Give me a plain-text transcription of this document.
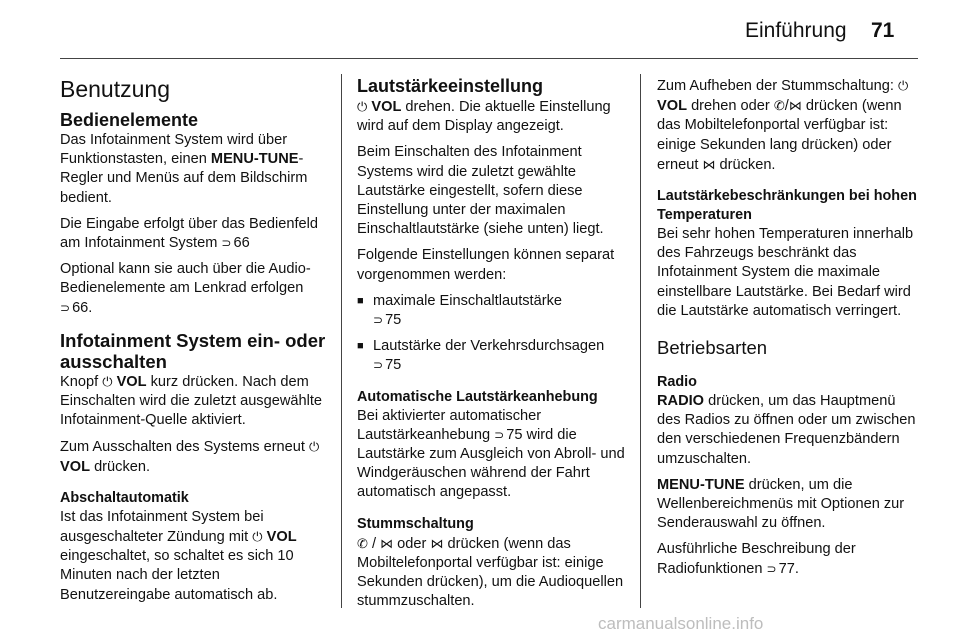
Einführung 71
Benutzung
Bedienelemente

Das Infotainment System wird über Funktionstasten, einen MENU-TUNE-Regler und Menüs auf dem Bildschirm bedient.

Die Eingabe erfolgt über das Bedienfeld am Infotainment System ⊃ 66

Optional kann sie auch über die Audio-Bedienelemente am Lenkrad erfolgen ⊃ 66.

Infotainment System ein- oder ausschalten

Knopf ⏻ VOL kurz drücken. Nach dem Einschalten wird die zuletzt ausgewählte Infotainment-Quelle aktiviert.

Zum Ausschalten des Systems erneut ⏻ VOL drücken.

Abschaltautomatik

Ist das Infotainment System bei ausgeschalteter Zündung mit ⏻ VOL eingeschaltet, so schaltet es sich 10 Minuten nach der letzten Benutzereingabe automatisch ab.

Lautstärkeeinstellung

⏻ VOL drehen. Die aktuelle Einstellung wird auf dem Display angezeigt.

Beim Einschalten des Infotainment Systems wird die zuletzt gewählte Lautstärke eingestellt, sofern diese Einstellung unter der maximalen Einschaltlautstärke (siehe unten) liegt.

Folgende Einstellungen können separat vorgenommen werden:

■ maximale Einschaltlautstärke
⊃ 75
■ Lautstärke der Verkehrsdurchsagen ⊃ 75
Automatische Lautstärkeanhebung

Bei aktivierter automatischer Lautstärkeanhebung ⊃ 75 wird die Lautstärke zum Ausgleich von Abroll- und Windgeräuschen während der Fahrt automatisch angepasst.

Stummschaltung

✆ / ⋈ oder ⋈ drücken (wenn das Mobiltelefonportal verfügbar ist: einige Sekunden drücken), um die Audioquellen stummzuschalten.

Zum Aufheben der Stummschaltung: ⏻ VOL drehen oder ✆/⋈ drücken (wenn das Mobiltelefonportal verfügbar ist: einige Sekunden lang drücken) oder erneut ⋈ drücken.

Lautstärkebeschränkungen bei hohen Temperaturen

Bei sehr hohen Temperaturen innerhalb des Fahrzeugs beschränkt das Infotainment System die maximale einstellbare Lautstärke. Bei Bedarf wird die Lautstärke automatisch verringert.

Betriebsarten
Radio

RADIO drücken, um das Hauptmenü des Radios zu öffnen oder um zwischen den verschiedenen Frequenzbändern umzuschalten.

MENU-TUNE drücken, um die Wellenbereichmenüs mit Optionen zur Senderauswahl zu öffnen.

Ausführliche Beschreibung der Radiofunktionen ⊃ 77.

carmanualsonline.info
